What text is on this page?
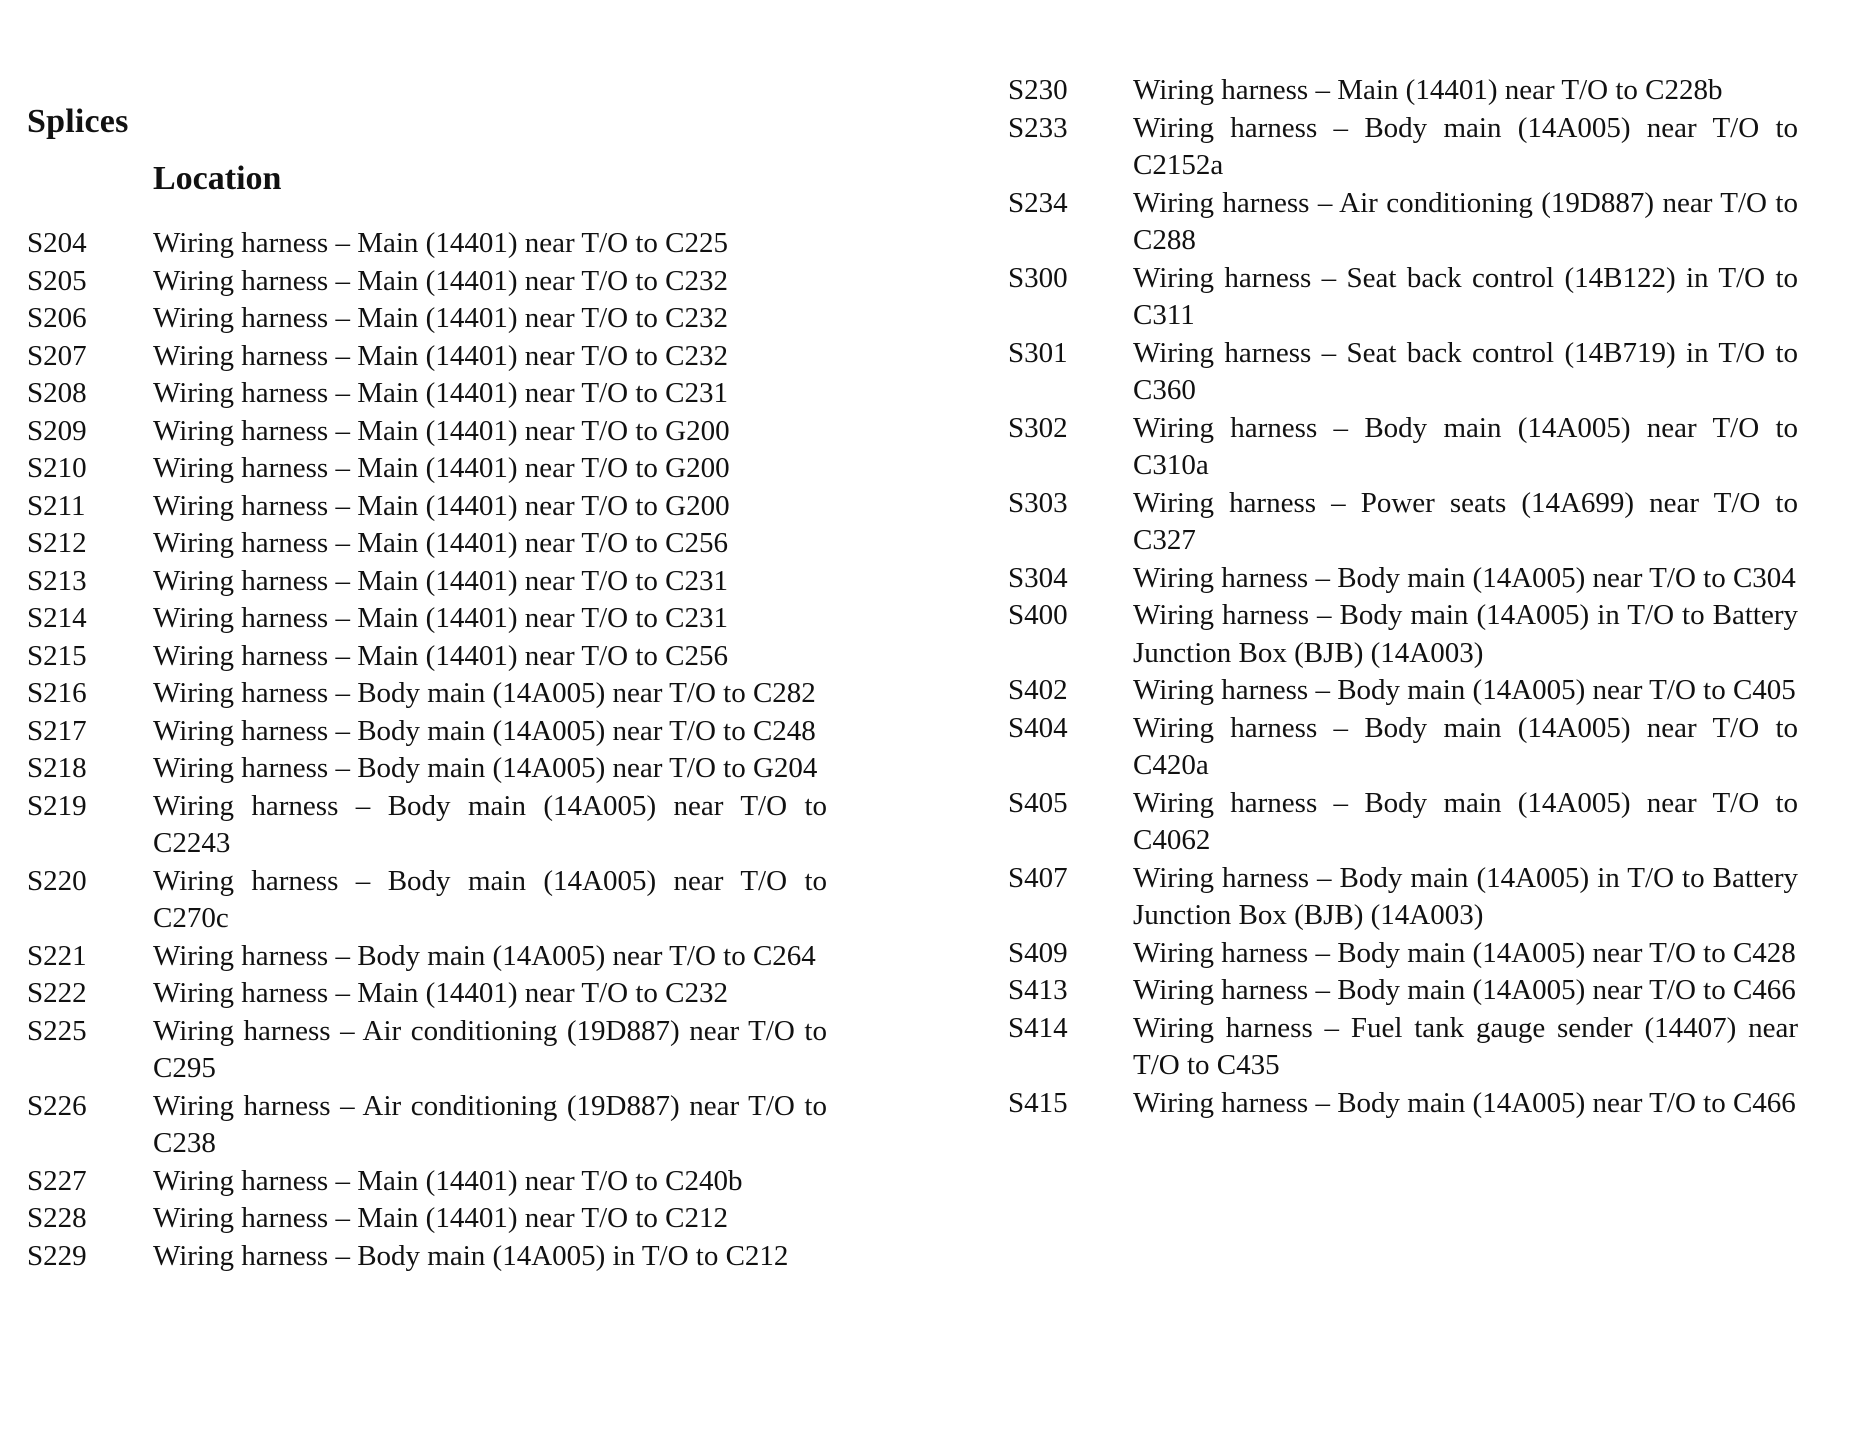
Splices
Location
S204	Wiring harness – Main (14401) near T/O to C225
S205	Wiring harness – Main (14401) near T/O to C232
S206	Wiring harness – Main (14401) near T/O to C232
S207	Wiring harness – Main (14401) near T/O to C232
S208	Wiring harness – Main (14401) near T/O to C231
S209	Wiring harness – Main (14401) near T/O to G200
S210	Wiring harness – Main (14401) near T/O to G200
S211	Wiring harness – Main (14401) near T/O to G200
S212	Wiring harness – Main (14401) near T/O to C256
S213	Wiring harness – Main (14401) near T/O to C231
S214	Wiring harness – Main (14401) near T/O to C231
S215	Wiring harness – Main (14401) near T/O to C256
S216	Wiring harness – Body main (14A005) near T/O to C282
S217	Wiring harness – Body main (14A005) near T/O to C248
S218	Wiring harness – Body main (14A005) near T/O to G204
S219	Wiring harness – Body main (14A005) near T/O to C2243
S220	Wiring harness – Body main (14A005) near T/O to C270c
S221	Wiring harness – Body main (14A005) near T/O to C264
S222	Wiring harness – Main (14401) near T/O to C232
S225	Wiring harness – Air conditioning (19D887) near T/O to C295
S226	Wiring harness – Air conditioning (19D887) near T/O to C238
S227	Wiring harness – Main (14401) near T/O to C240b
S228	Wiring harness – Main (14401) near T/O to C212
S229	Wiring harness – Body main (14A005) in T/O to C212
S230	Wiring harness – Main (14401) near T/O to C228b
S233	Wiring harness – Body main (14A005) near T/O to C2152a
S234	Wiring harness – Air conditioning (19D887) near T/O to C288
S300	Wiring harness – Seat back control (14B122) in T/O to C311
S301	Wiring harness – Seat back control (14B719) in T/O to C360
S302	Wiring harness – Body main (14A005) near T/O to C310a
S303	Wiring harness – Power seats (14A699) near T/O to C327
S304	Wiring harness – Body main (14A005) near T/O to C304
S400	Wiring harness – Body main (14A005) in T/O to Battery Junction Box (BJB) (14A003)
S402	Wiring harness – Body main (14A005) near T/O to C405
S404	Wiring harness – Body main (14A005) near T/O to C420a
S405	Wiring harness – Body main (14A005) near T/O to C4062
S407	Wiring harness – Body main (14A005) in T/O to Battery Junction Box (BJB) (14A003)
S409	Wiring harness – Body main (14A005) near T/O to C428
S413	Wiring harness – Body main (14A005) near T/O to C466
S414	Wiring harness – Fuel tank gauge sender (14407) near T/O to C435
S415	Wiring harness – Body main (14A005) near T/O to C466
